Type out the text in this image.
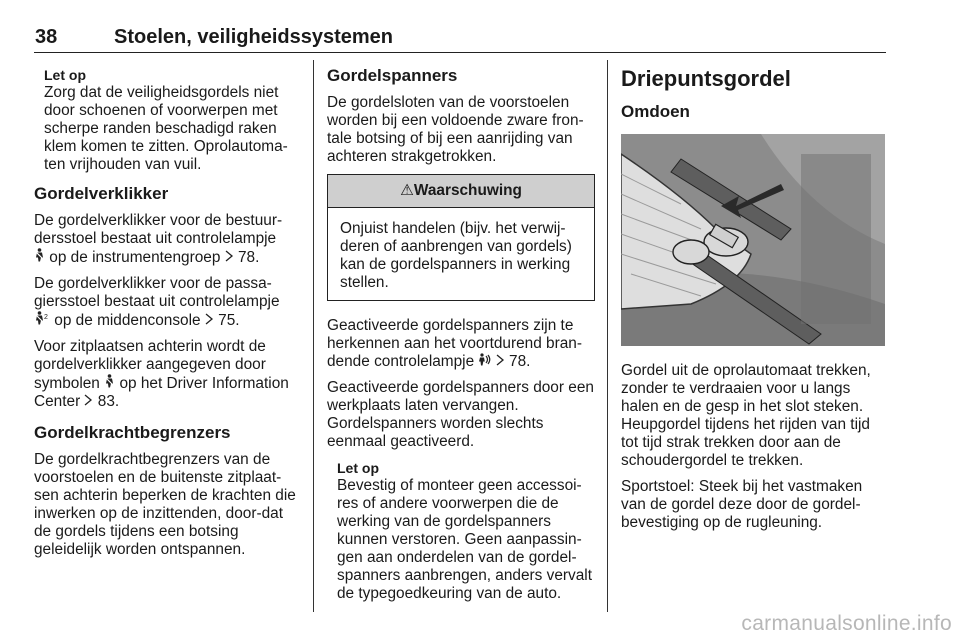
38	Stoelen, veiligheidssystemen
Let op
Zorg dat de veiligheidsgordels niet door schoenen of voorwerpen met scherpe randen beschadigd raken klem komen te zitten. Oprolautoma-ten vrijhouden van vuil.
Gordelverklikker

De gordelverklikker voor de bestuur-dersstoel bestaat uit controlelampje
op de instrumentengroep 78.

De gordelverklikker voor de passa-giersstoel bestaat uit controlelampje

2 op de middenconsole 75.

Voor zitplaatsen achterin wordt de gordelverklikker aangegeven door symbolen op het Driver Information Center 83.

Gordelkrachtbegrenzers

De gordelkrachtbegrenzers van de voorstoelen en de buitenste zitplaat-sen achterin beperken de krachten die inwerken op de inzittenden, door-dat de gordels tijdens een botsing geleidelijk worden ontspannen.

Gordelspanners

De gordelsloten van de voorstoelen worden bij een voldoende zware fron-tale botsing of bij een aanrijding van achteren strakgetrokken.

⚠Waarschuwing
Onjuist handelen (bijv. het verwij-deren of aanbrengen van gordels) kan de gordelspanners in werking stellen.

Geactiveerde gordelspanners zijn te herkennen aan het voortdurend bran-dende controlelampje 78.

Geactiveerde gordelspanners door een werkplaats laten vervangen. Gordelspanners worden slechts eenmaal geactiveerd.

Let op
Bevestig of monteer geen accessoi-res of andere voorwerpen die de werking van de gordelspanners kunnen verstoren. Geen aanpassin-gen aan onderdelen van de gordel-spanners aanbrengen, anders vervalt de typegoedkeuring van de auto.
Driepuntsgordel
Omdoen

Gordel uit de oprolautomaat trekken, zonder te verdraaien voor u langs halen en de gesp in het slot steken. Heupgordel tijdens het rijden van tijd tot tijd strak trekken door aan de schoudergordel te trekken.

Sportstoel: Steek bij het vastmaken van de gordel deze door de gordel-bevestiging op de rugleuning.

carmanualsonline.info
